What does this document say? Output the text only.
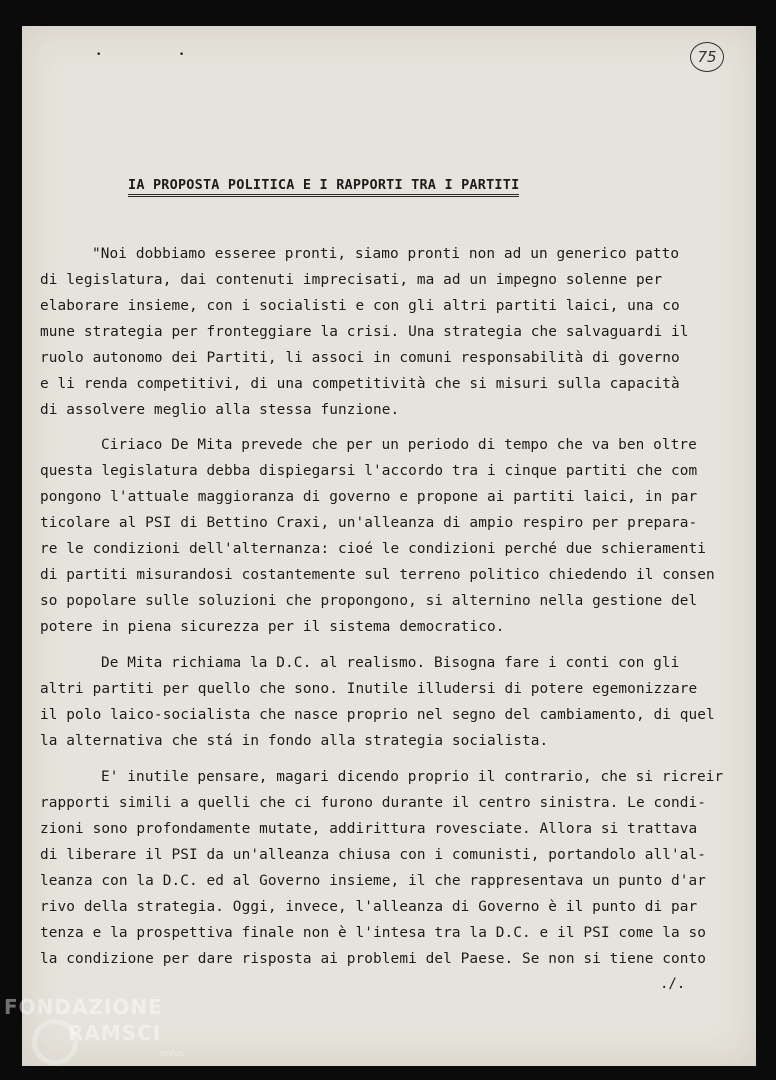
• •	75
IA PROPOSTA POLITICA E I RAPPORTI TRA I PARTITI
"Noi dobbiamo esseree pronti, siamo pronti non ad un generico patto
di legislatura, dai contenuti imprecisati, ma ad un impegno solenne per
elaborare insieme, con i socialisti e con gli altri partiti laici, una co
mune strategia per fronteggiare la crisi. Una strategia che salvaguardi il
ruolo autonomo dei Partiti, li associ in comuni responsabilità di governo
e li renda competitivi, di una competitività che si misuri sulla capacità
di assolvere meglio alla stessa funzione.
Ciriaco De Mita prevede che per un periodo di tempo che va ben oltre
questa legislatura debba dispiegarsi l'accordo tra i cinque partiti che com
pongono l'attuale maggioranza di governo e propone ai partiti laici, in par
ticolare al PSI di Bettino Craxi, un'alleanza di ampio respiro per prepara-
re le condizioni dell'alternanza: cioé le condizioni perché due schieramenti
di partiti misurandosi costantemente sul terreno politico chiedendo il consen
so popolare sulle soluzioni che propongono, si alternino nella gestione del
potere in piena sicurezza per il sistema democratico.
De Mita richiama la D.C. al realismo. Bisogna fare i conti con gli
altri partiti per quello che sono. Inutile illudersi di potere egemonizzare
il polo laico-socialista che nasce proprio nel segno del cambiamento, di quel
la alternativa che stá in fondo alla strategia socialista.
E' inutile pensare, magari dicendo proprio il contrario, che si ricreir
rapporti simili a quelli che ci furono durante il centro sinistra. Le condi-
zioni sono profondamente mutate, addirittura rovesciate. Allora si trattava
di liberare il PSI da un'alleanza chiusa con i comunisti, portandolo all'al-
leanza con la D.C. ed al Governo insieme, il che rappresentava un punto d'ar
rivo della strategia. Oggi, invece, l'alleanza di Governo è il punto di par
tenza e la prospettiva finale non è l'intesa tra la D.C. e il PSI come la so
la condizione per dare risposta ai problemi del Paese. Se non si tiene conto
./.
FONDAZIONE
RAMSCI
onlus
